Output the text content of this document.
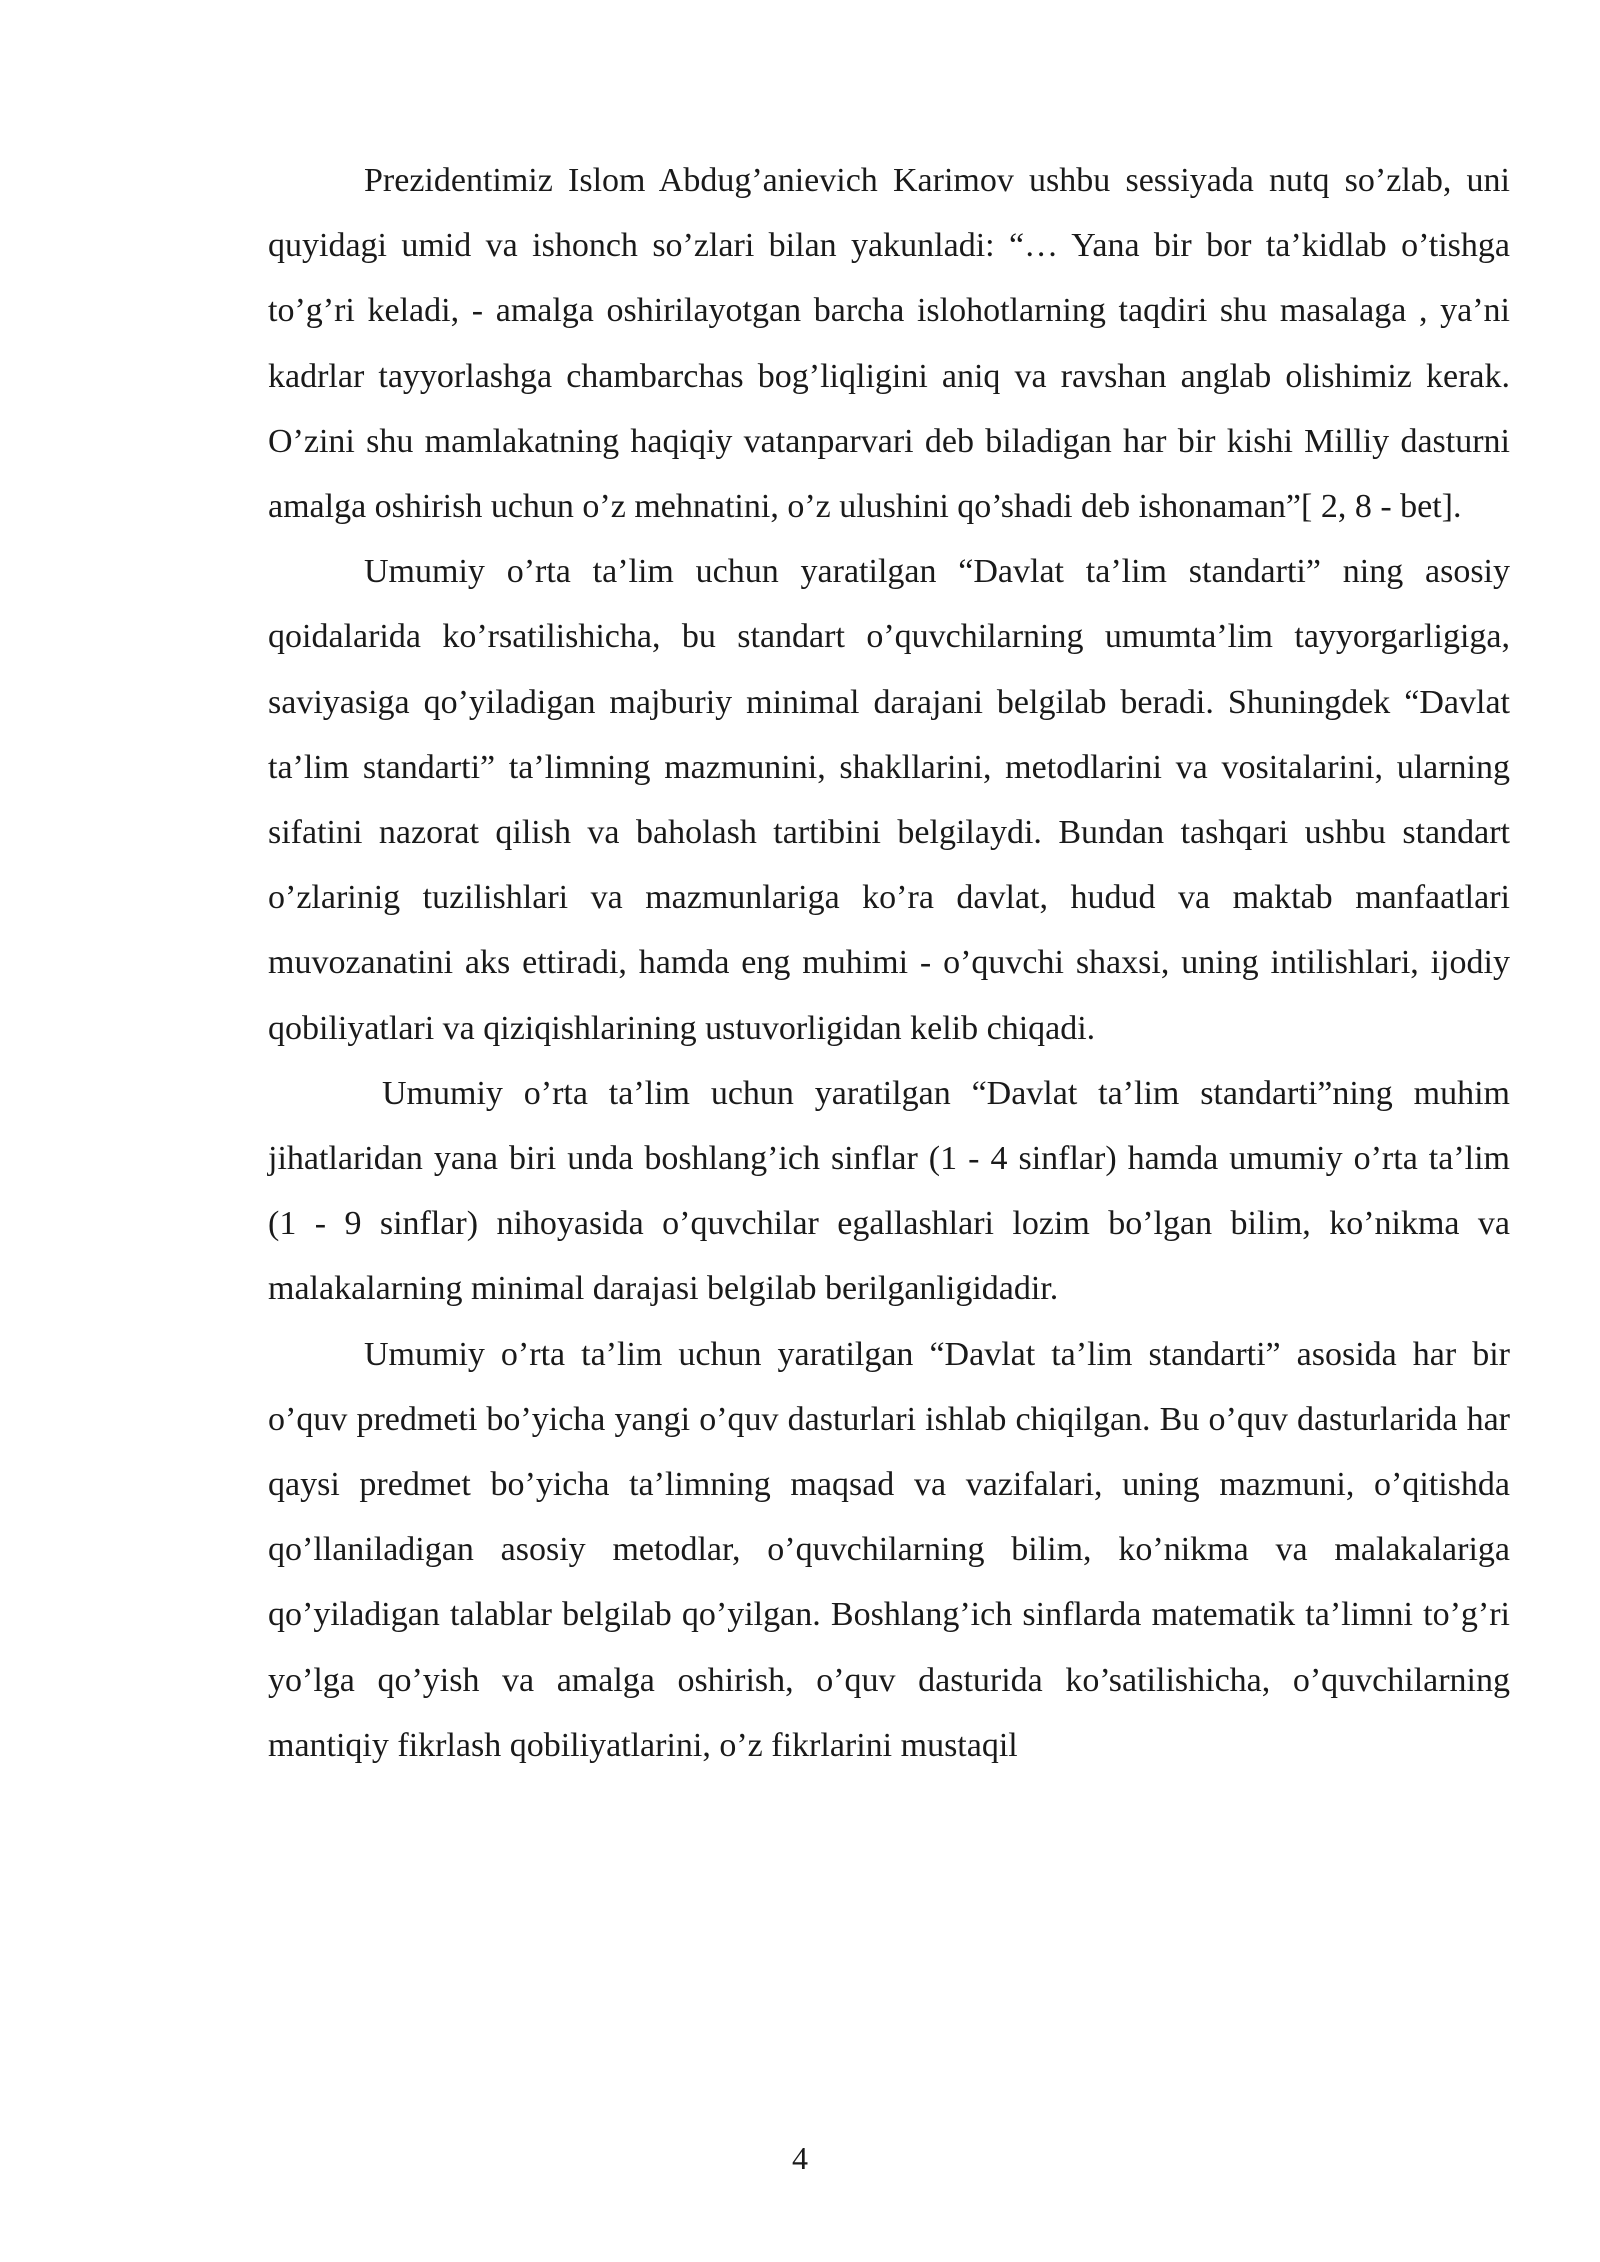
Prezidentimiz Islom Abdug’anievich Karimov ushbu sessiyada nutq so’zlab, uni quyidagi umid va ishonch so’zlari bilan yakunladi: “… Yana bir bor ta’kidlab o’tishga to’g’ri keladi, - amalga oshirilayotgan barcha islohotlarning taqdiri shu masalaga , ya’ni kadrlar tayyorlashga chambarchas bog’liqligini aniq va ravshan anglab olishimiz kerak. O’zini shu mamlakatning haqiqiy vatanparvari deb biladigan har bir kishi Milliy dasturni amalga oshirish uchun o’z mehnatini, o’z ulushini qo’shadi deb ishonaman”[ 2, 8 - bet].

Umumiy o’rta ta’lim uchun yaratilgan “Davlat ta’lim standarti” ning asosiy qoidalarida ko’rsatilishicha, bu standart o’quvchilarning umumta’lim tayyorgarligiga, saviyasiga qo’yiladigan majburiy minimal darajani belgilab beradi. Shuningdek “Davlat ta’lim standarti” ta’limning mazmunini, shakllarini, metodlarini va vositalarini, ularning sifatini nazorat qilish va baholash tartibini belgilaydi. Bundan tashqari ushbu standart o’zlarinig tuzilishlari va mazmunlariga ko’ra davlat, hudud va maktab manfaatlari muvozanatini aks ettiradi, hamda eng muhimi - o’quvchi shaxsi, uning intilishlari, ijodiy qobiliyatlari va qiziqishlarining ustuvorligidan kelib chiqadi.

Umumiy o’rta ta’lim uchun yaratilgan “Davlat ta’lim standarti”ning muhim jihatlaridan yana biri unda boshlang’ich sinflar (1 - 4 sinflar) hamda umumiy o’rta ta’lim (1 - 9 sinflar) nihoyasida o’quvchilar egallashlari lozim bo’lgan bilim, ko’nikma va malakalarning minimal darajasi belgilab berilganligidadir.

Umumiy o’rta ta’lim uchun yaratilgan “Davlat ta’lim standarti” asosida har bir o’quv predmeti bo’yicha yangi o’quv dasturlari ishlab chiqilgan. Bu o’quv dasturlarida har qaysi predmet bo’yicha ta’limning maqsad va vazifalari, uning mazmuni, o’qitishda qo’llaniladigan asosiy metodlar, o’quvchilarning bilim, ko’nikma va malakalariga qo’yiladigan talablar belgilab qo’yilgan. Boshlang’ich sinflarda matematik ta’limni to’g’ri yo’lga qo’yish va amalga oshirish, o’quv dasturida ko’satilishicha, o’quvchilarning mantiqiy fikrlash qobiliyatlarini, o’z fikrlarini mustaqil

4
